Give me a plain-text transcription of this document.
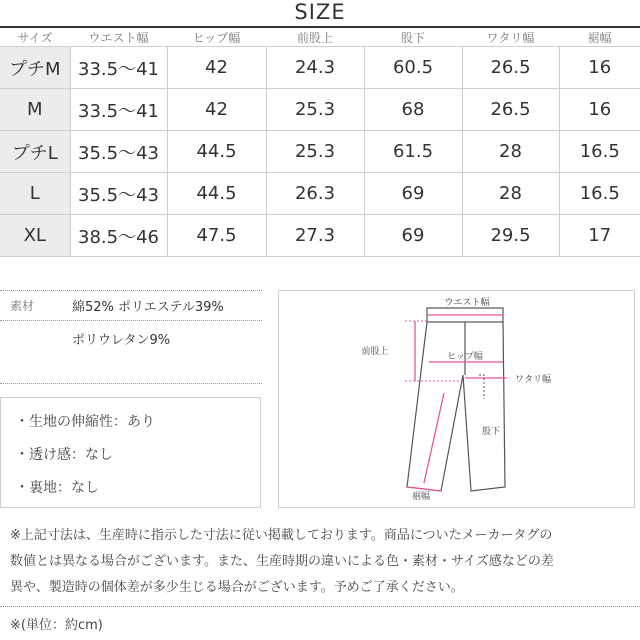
SIZE
サイズ	ウエスト幅	ヒップ幅	前股上	股下	ワタリ幅	裾幅
プチM	33.5〜41	42	24.3	60.5	26.5	16
M	33.5〜41	42	25.3	68	26.5	16
プチL	35.5〜43	44.5	25.3	61.5	28	16.5
L	35.5〜43	44.5	26.3	69	28	16.5
XL	38.5〜46	47.5	27.3	69	29.5	17
素材	綿52% ポリエステル39%
ポリウレタン9%
・生地の伸縮性：あり
・透け感：なし
・裏地：なし
ウエスト幅
前股上	ヒップ幅
ワタリ幅
股下
裾幅
※上記寸法は、生産時に指示した寸法に従い掲載しております。商品についたメーカータグの
数値とは異なる場合がございます。また、生産時期の違いによる色・素材・サイズ感などの差
異や、製造時の個体差が多少生じる場合がございます。予めご了承ください。
※(単位：約cm)
